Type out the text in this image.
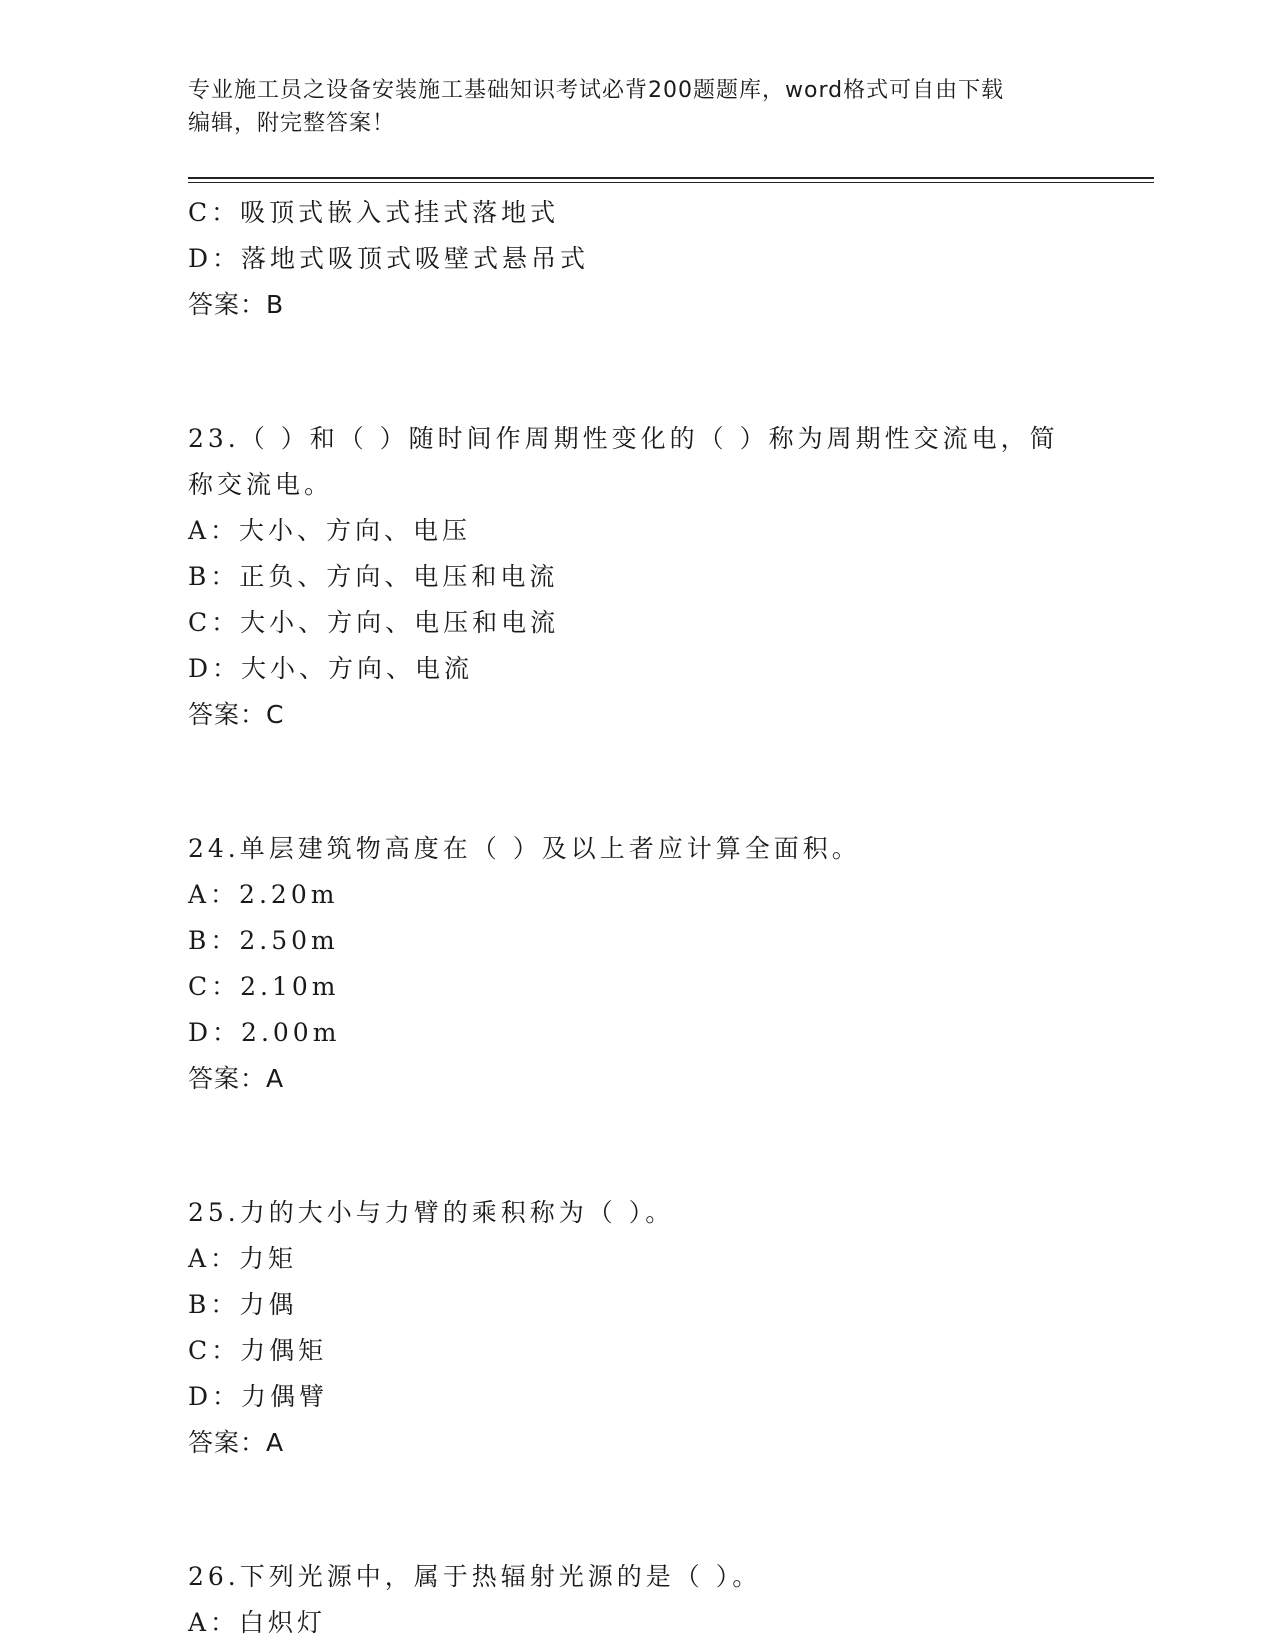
专业施工员之设备安装施工基础知识考试必背200题题库，word格式可自由下载
编辑，附完整答案！
C：吸顶式嵌入式挂式落地式
D：落地式吸顶式吸壁式悬吊式
答案：B
23.（ ）和（ ）随时间作周期性变化的（ ）称为周期性交流电，简
称交流电。
A：大小、方向、电压
B：正负、方向、电压和电流
C：大小、方向、电压和电流
D：大小、方向、电流
答案：C
24.单层建筑物高度在（ ）及以上者应计算全面积。
A：2.20m
B：2.50m
C：2.10m
D：2.00m
答案：A
25.力的大小与力臂的乘积称为（ ）。
A：力矩
B：力偶
C：力偶矩
D：力偶臂
答案：A
26.下列光源中，属于热辐射光源的是（ ）。
A：白炽灯
